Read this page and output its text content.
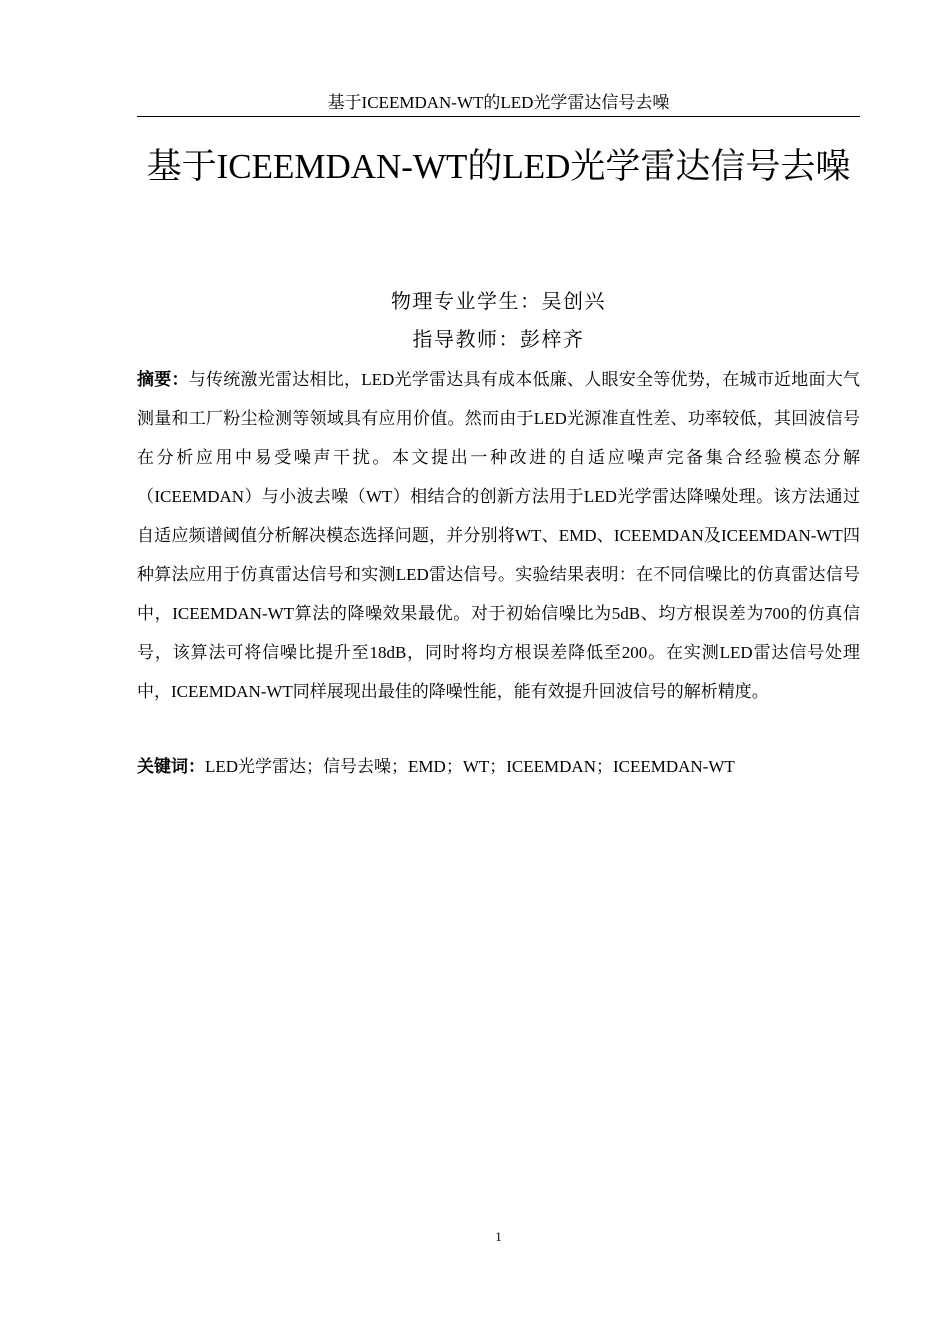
基于ICEEMDAN-WT的LED光学雷达信号去噪
基于ICEEMDAN-WT的LED光学雷达信号去噪
物理专业学生：吴创兴
指导教师：彭梓齐

摘要：与传统激光雷达相比，LED光学雷达具有成本低廉、人眼安全等优势，在城市近地面大气测量和工厂粉尘检测等领域具有应用价值。然而由于LED光源准直性差、功率较低，其回波信号在分析应用中易受噪声干扰。本文提出一种改进的自适应噪声完备集合经验模态分解（ICEEMDAN）与小波去噪（WT）相结合的创新方法用于LED光学雷达降噪处理。该方法通过自适应频谱阈值分析解决模态选择问题，并分别将WT、EMD、ICEEMDAN及ICEEMDAN-WT四种算法应用于仿真雷达信号和实测LED雷达信号。实验结果表明：在不同信噪比的仿真雷达信号中，ICEEMDAN-WT算法的降噪效果最优。对于初始信噪比为5dB、均方根误差为700的仿真信号，该算法可将信噪比提升至18dB，同时将均方根误差降低至200。在实测LED雷达信号处理中，ICEEMDAN-WT同样展现出最佳的降噪性能，能有效提升回波信号的解析精度。

关键词：LED光学雷达；信号去噪；EMD；WT；ICEEMDAN；ICEEMDAN-WT

1
